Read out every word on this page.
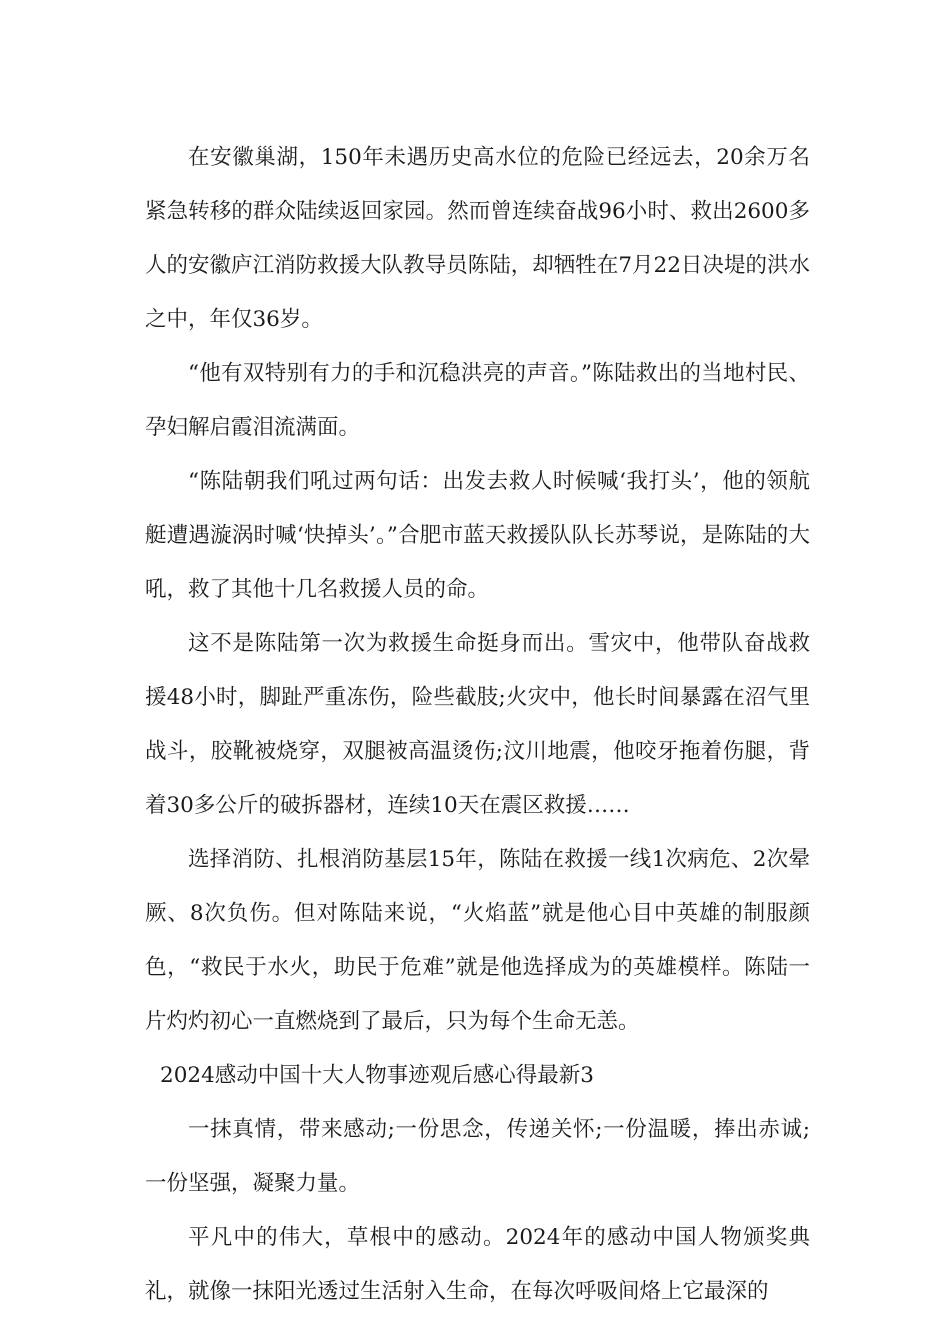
在安徽巢湖，150年未遇历史高水位的危险已经远去，20余万名紧急转移的群众陆续返回家园。然而曾连续奋战96小时、救出2600多人的安徽庐江消防救援大队教导员陈陆，却牺牲在7月22日决堤的洪水之中，年仅36岁。

“他有双特别有力的手和沉稳洪亮的声音。”陈陆救出的当地村民、孕妇解启霞泪流满面。

“陈陆朝我们吼过两句话：出发去救人时候喊‘我打头’，他的领航艇遭遇漩涡时喊‘快掉头’。”合肥市蓝天救援队队长苏琴说，是陈陆的大吼，救了其他十几名救援人员的命。

这不是陈陆第一次为救援生命挺身而出。雪灾中，他带队奋战救援48小时，脚趾严重冻伤，险些截肢;火灾中，他长时间暴露在沼气里战斗，胶靴被烧穿，双腿被高温烫伤;汶川地震，他咬牙拖着伤腿，背着30多公斤的破拆器材，连续10天在震区救援……

选择消防、扎根消防基层15年，陈陆在救援一线1次病危、2次晕厥、8次负伤。但对陈陆来说，“火焰蓝”就是他心目中英雄的制服颜色，“救民于水火，助民于危难”就是他选择成为的英雄模样。陈陆一片灼灼初心一直燃烧到了最后，只为每个生命无恙。

2024感动中国十大人物事迹观后感心得最新3

一抹真情，带来感动;一份思念，传递关怀;一份温暖，捧出赤诚;一份坚强，凝聚力量。

平凡中的伟大，草根中的感动。2024年的感动中国人物颁奖典礼，就像一抹阳光透过生活射入生命，在每次呼吸间烙上它最深的
